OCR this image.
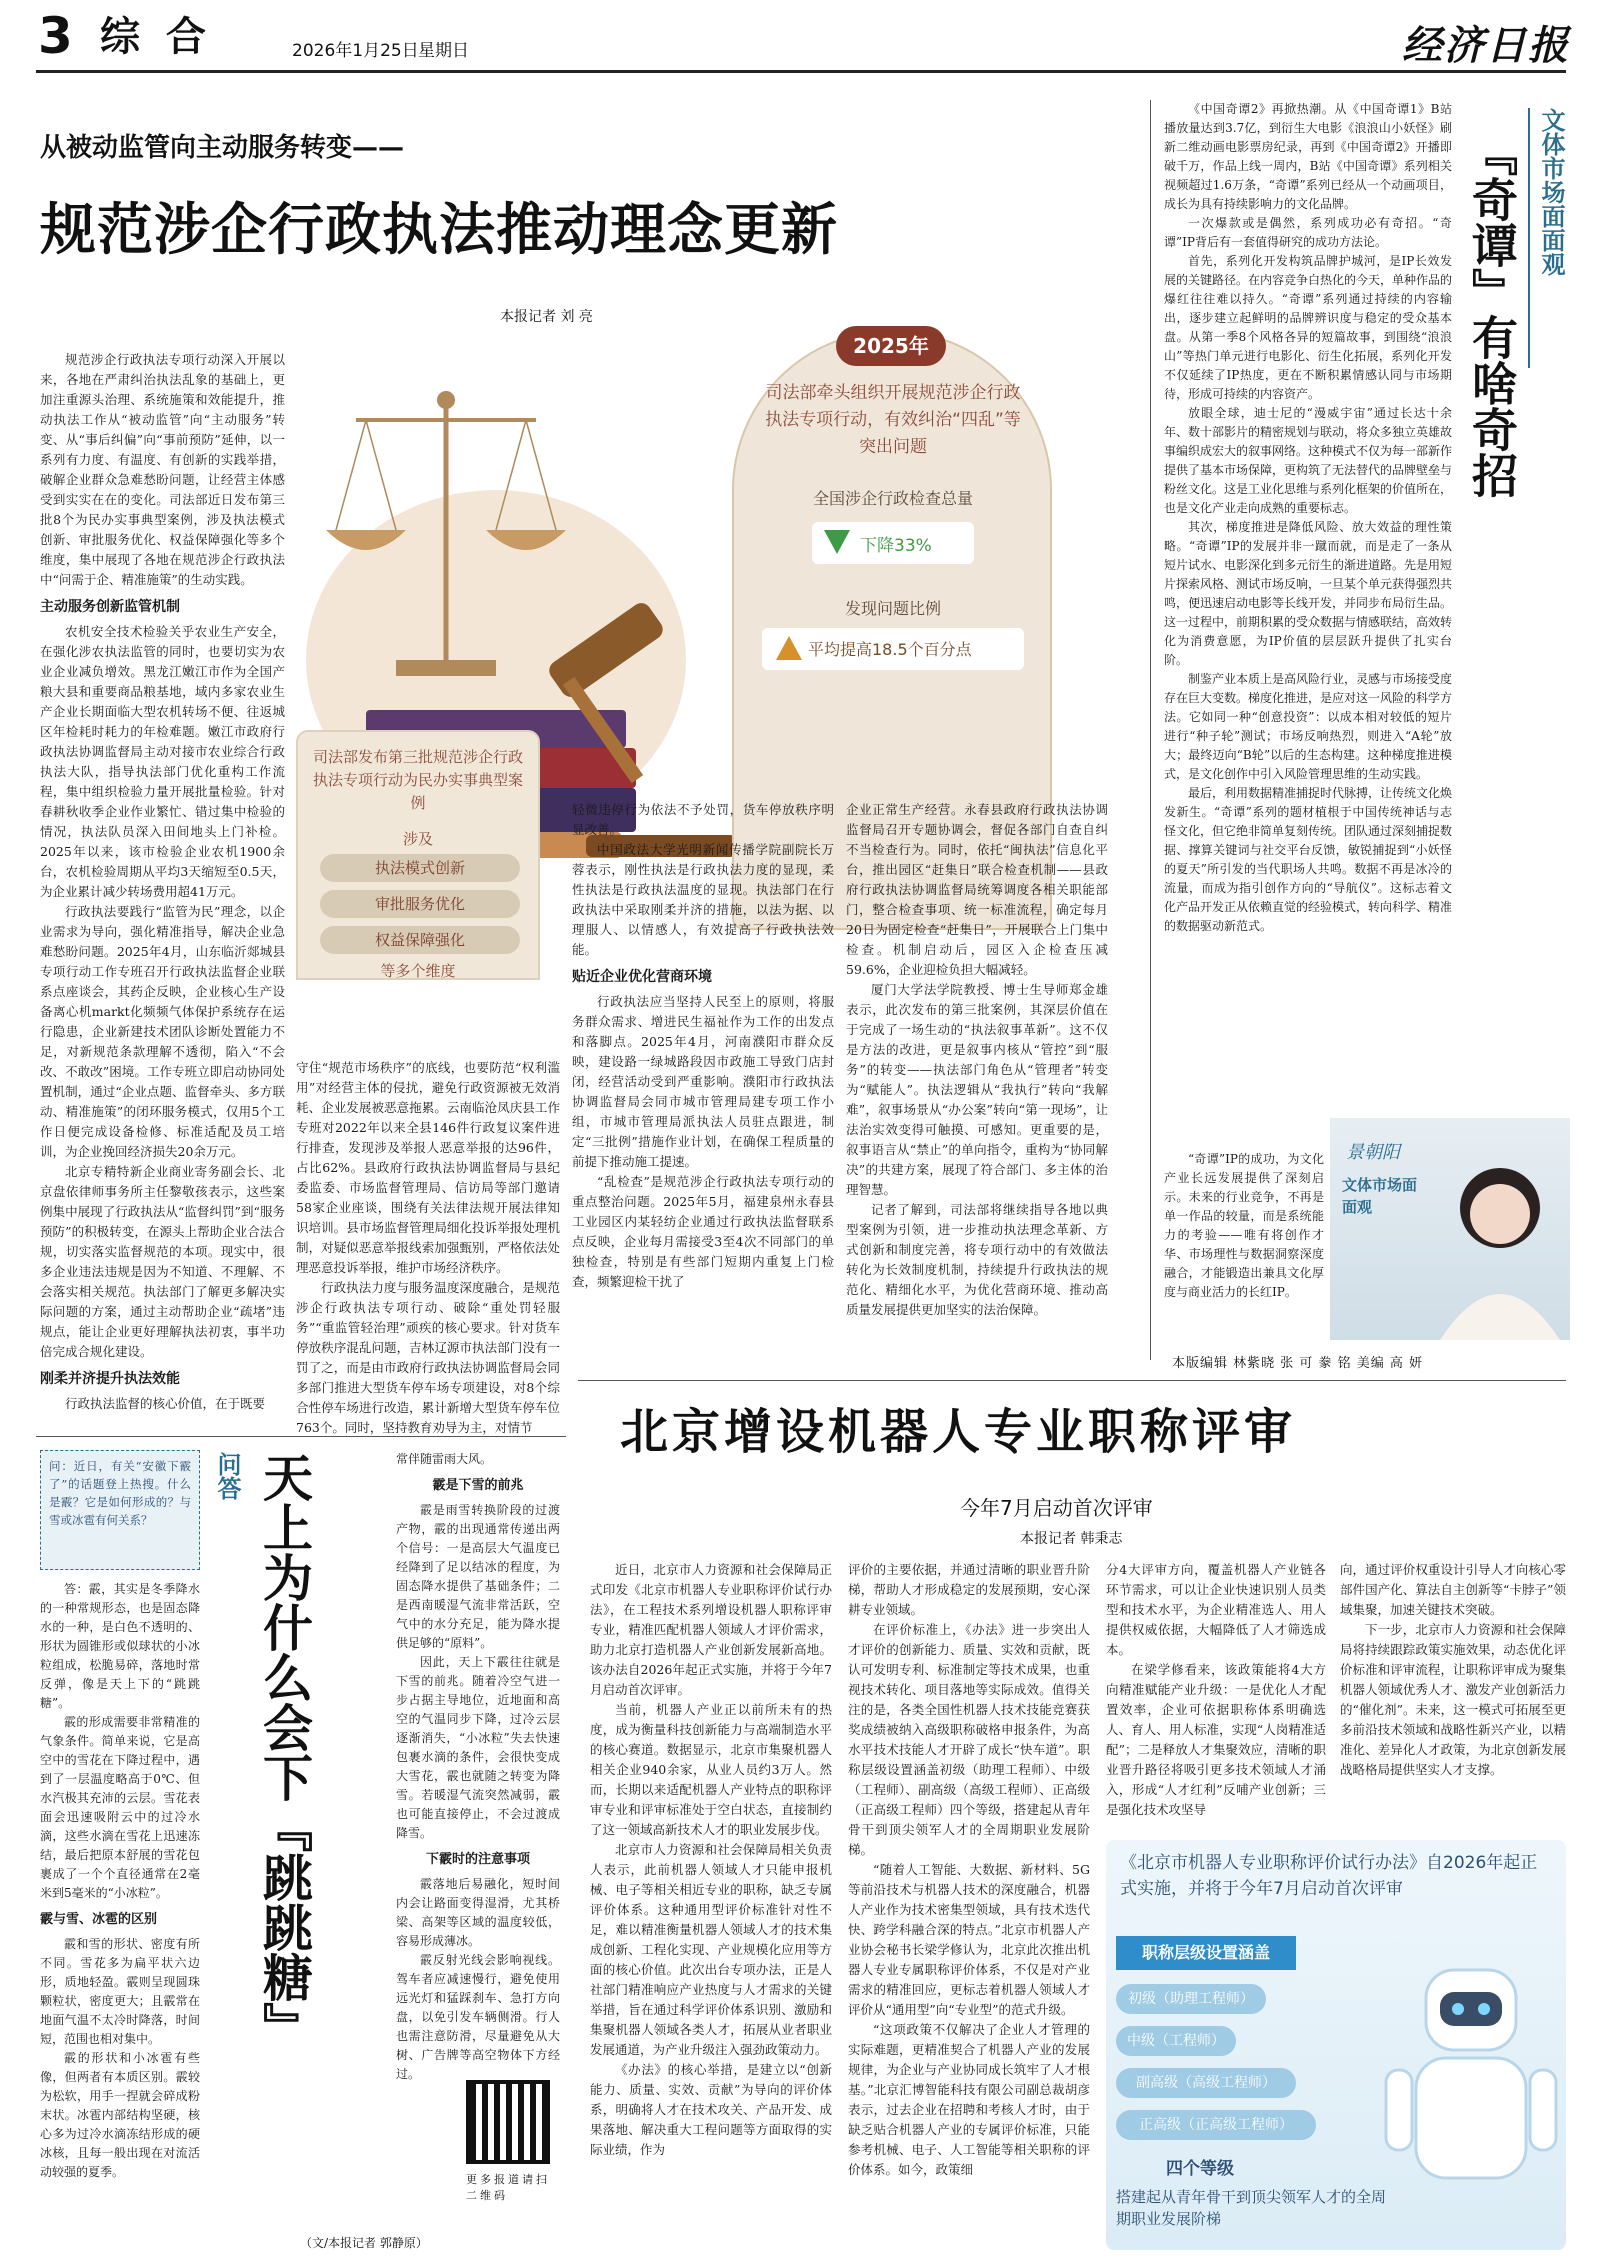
3 综 合	2026年1月25日 星期日	经济日报
从被动监管向主动服务转变——
规范涉企行政执法推动理念更新
本报记者 刘 亮

规范涉企行政执法专项行动深入开展以来，各地在严肃纠治执法乱象的基础上，更加注重源头治理、系统施策和效能提升，推动执法工作从“被动监管”向“主动服务”转变、从“事后纠偏”向“事前预防”延伸，以一系列有力度、有温度、有创新的实践举措，破解企业群众急难愁盼问题，让经营主体感受到实实在在的变化。司法部近日发布第三批8个为民办实事典型案例，涉及执法模式创新、审批服务优化、权益保障强化等多个维度，集中展现了各地在规范涉企行政执法中“问需于企、精准施策”的生动实践。

主动服务创新监管机制

农机安全技术检验关乎农业生产安全，在强化涉农执法监管的同时，也要切实为农业企业减负增效。黑龙江嫩江市作为全国产粮大县和重要商品粮基地，域内多家农业生产企业长期面临大型农机转场不便、往返城区年检耗时耗力的年检难题。嫩江市政府行政执法协调监督局主动对接市农业综合行政执法大队，指导执法部门优化重构工作流程，集中组织检验力量开展批量检验。针对春耕秋收季企业作业繁忙、错过集中检验的情况，执法队员深入田间地头上门补检。2025年以来，该市检验企业农机1900余台，农机检验周期从平均3天缩短至0.5天，为企业累计减少转场费用超41万元。

行政执法要践行“监管为民”理念，以企业需求为导向，强化精准指导，解决企业急难愁盼问题。2025年4月，山东临沂郯城县专项行动工作专班召开行政执法监督企业联系点座谈会，其药企反映，企业核心生产设备离心机markt化频频气体保护系统存在运行隐患，企业新建技术团队诊断处置能力不足，对新规范条款理解不透彻，陷入“不会改、不敢改”困境。工作专班立即启动协同处置机制，通过“企业点题、监督牵头、多方联动、精准施策”的闭环服务模式，仅用5个工作日便完成设备检修、标准适配及员工培训，为企业挽回经济损失20余万元。

北京专精特新企业商业寄务副会长、北京盘依律师事务所主任黎敬孩表示，这些案例集中展现了行政执法从“监督纠罚”到“服务预防”的积极转变，在源头上帮助企业合法合规，切实落实监督规范的本项。现实中，很多企业违法违规是因为不知道、不理解、不会落实相关规范。执法部门了解更多解决实际问题的方案，通过主动帮助企业“疏堵”违规点，能让企业更好理解执法初衷，事半功倍完成合规化建设。

刚柔并济提升执法效能

行政执法监督的核心价值，在于既要

2025年
司法部牵头组织开展规范涉企行政执法专项行动，有效纠治“四乱”等突出问题
全国涉企行政检查总量
下降33%
发现问题比例
平均提高18.5个百分点
司法部发布第三批规范涉企行政执法专项行动为民办实事典型案例
涉及
执法模式创新
审批服务优化
权益保障强化
等多个维度

守住“规范市场秩序”的底线，也要防范“权利滥用”对经营主体的侵扰，避免行政资源被无效消耗、企业发展被恶意拖累。云南临沧凤庆县工作专班对2022年以来全县146件行政复议案件进行排查，发现涉及举报人恶意举报的达96件，占比62%。县政府行政执法协调监督局与县纪委监委、市场监督管理局、信访局等部门邀请58家企业座谈，围绕有关法律法规开展法律知识培训。县市场监督管理局细化投诉举报处理机制，对疑似恶意举报线索加强甄别，严格依法处理恶意投诉举报，维护市场经济秩序。

行政执法力度与服务温度深度融合，是规范涉企行政执法专项行动、破除“重处罚轻服务”“重监管轻治理”顽疾的核心要求。针对货车停放秩序混乱问题，吉林辽源市执法部门没有一罚了之，而是由市政府行政执法协调监督局会同多部门推进大型货车停车场专项建设，对8个综合性停车场进行改造，累计新增大型货车停车位763个。同时，坚持教育劝导为主，对情节

轻微违停行为依法不予处罚，货车停放秩序明显改善。

中国政法大学光明新闻传播学院副院长万蓉表示，刚性执法是行政执法力度的显现，柔性执法是行政执法温度的显现。执法部门在行政执法中采取刚柔并济的措施，以法为据、以理服人、以情感人，有效提高了行政执法效能。

贴近企业优化营商环境

行政执法应当坚持人民至上的原则，将服务群众需求、增进民生福祉作为工作的出发点和落脚点。2025年4月，河南濮阳市群众反映，建设路一绿城路段因市政施工导致门店封闭，经营活动受到严重影响。濮阳市行政执法协调监督局会同市城市管理局建专项工作小组，市城市管理局派执法人员驻点跟进，制定“三批例”措施作业计划，在确保工程质量的前提下推动施工提速。

“乱检查”是规范涉企行政执法专项行动的重点整治问题。2025年5月，福建泉州永春县工业园区内某轻纺企业通过行政执法监督联系点反映，企业每月需接受3至4次不同部门的单独检查，特别是有些部门短期内重复上门检查，频繁迎检干扰了

企业正常生产经营。永春县政府行政执法协调监督局召开专题协调会，督促各部门自查自纠不当检查行为。同时，依托“闽执法”信息化平台，推出园区“赶集日”联合检查机制——县政府行政执法协调监督局统筹调度各相关职能部门，整合检查事项、统一标准流程，确定每月20日为固定检查“赶集日”，开展联合上门集中检查。机制启动后，园区入企检查压减59.6%，企业迎检负担大幅减轻。

厦门大学法学院教授、博士生导师郑金雄表示，此次发布的第三批案例，其深层价值在于完成了一场生动的“执法叙事革新”。这不仅是方法的改进，更是叙事内核从“管控”到“服务”的转变——执法部门角色从“管理者”转变为“赋能人”。执法逻辑从“我执行”转向“我解难”，叙事场景从“办公案”转向“第一现场”，让法治实效变得可触摸、可感知。更重要的是，叙事语言从“禁止”的单向指令，重构为“协同解决”的共建方案，展现了符合部门、多主体的治理智慧。

记者了解到，司法部将继续指导各地以典型案例为引领，进一步推动执法理念革新、方式创新和制度完善，将专项行动中的有效做法转化为长效制度机制，持续提升行政执法的规范化、精细化水平，为优化营商环境、推动高质量发展提供更加坚实的法治保障。

《中国奇谭2》再掀热潮。从《中国奇谭1》B站播放量达到3.7亿，到衍生大电影《浪浪山小妖怪》刷新二维动画电影票房纪录，再到《中国奇谭2》开播即破千万，作品上线一周内，B站《中国奇谭》系列相关视频超过1.6万条，“奇谭”系列已经从一个动画项目，成长为具有持续影响力的文化品牌。

一次爆款或是偶然，系列成功必有奇招。“奇谭”IP背后有一套值得研究的成功方法论。

首先，系列化开发构筑品牌护城河，是IP长效发展的关键路径。在内容竞争白热化的今天，单种作品的爆红往往难以持久。“奇谭”系列通过持续的内容输出，逐步建立起鲜明的品牌辨识度与稳定的受众基本盘。从第一季8个风格各异的短篇故事，到围绕“浪浪山”等热门单元进行电影化、衍生化拓展，系列化开发不仅延续了IP热度，更在不断积累情感认同与市场期待，形成可持续的内容资产。

放眼全球，迪士尼的“漫威宇宙”通过长达十余年、数十部影片的精密规划与联动，将众多独立英雄故事编织成宏大的叙事网络。这种模式不仅为每一部新作提供了基本市场保障，更构筑了无法替代的品牌壁垒与粉丝文化。这是工业化思维与系列化框架的价值所在，也是文化产业走向成熟的重要标志。

其次，梯度推进是降低风险、放大效益的理性策略。“奇谭”IP的发展并非一蹴而就，而是走了一条从短片试水、电影深化到多元衍生的渐进道路。先是用短片探索风格、测试市场反响，一旦某个单元获得强烈共鸣，便迅速启动电影等长线开发，并同步布局衍生品。这一过程中，前期积累的受众数据与情感联结，高效转化为消费意愿，为IP价值的层层跃升提供了扎实台阶。

制鉴产业本质上是高风险行业，灵感与市场接受度存在巨大变数。梯度化推进，是应对这一风险的科学方法。它如同一种“创意投资”：以成本相对较低的短片进行“种子轮”测试；市场反响热烈，则进入“A轮”放大；最终迈向“B轮”以后的生态构建。这种梯度推进模式，是文化创作中引入风险管理思维的生动实践。

最后，利用数据精准捕捉时代脉搏，让传统文化焕发新生。“奇谭”系列的题材植根于中国传统神话与志怪文化，但它绝非简单复刻传统。团队通过深刻捕捉数据、撑算关键词与社交平台反馈，敏锐捕捉到“小妖怪的夏天”所引发的当代职场人共鸣。数据不再是冰冷的流量，而成为指引创作方向的“导航仪”。这标志着文化产品开发正从依赖直觉的经验模式，转向科学、精准的数据驱动新范式。

“奇谭”IP的成功，为文化产业长远发展提供了深刻启示。未来的行业竞争，不再是单一作品的较量，而是系统能力的考验——唯有将创作才华、市场理性与数据洞察深度融合，才能锻造出兼具文化厚度与商业活力的长红IP。

景朝阳
文体市场面面观
文体市场面面观
『奇
谭』
有啥奇招
本版编辑 林紫晓 张 可 豢 铭 美编 高 妍
北京增设机器人专业职称评审
今年7月启动首次评审
本报记者 韩秉志

近日，北京市人力资源和社会保障局正式印发《北京市机器人专业职称评价试行办法》，在工程技术系列增设机器人职称评审专业，精准匹配机器人领域人才评价需求，助力北京打造机器人产业创新发展新高地。该办法自2026年起正式实施，并将于今年7月启动首次评审。

当前，机器人产业正以前所未有的热度，成为衡量科技创新能力与高端制造水平的核心赛道。数据显示，北京市集聚机器人相关企业940余家，从业人员约3万人。然而，长期以来适配机器人产业特点的职称评审专业和评审标准处于空白状态，直接制约了这一领域高新技术人才的职业发展步伐。

北京市人力资源和社会保障局相关负责人表示，此前机器人领域人才只能申报机械、电子等相关相近专业的职称，缺乏专属评价体系。这种通用型评价标准针对性不足，难以精准衡量机器人领域人才的技术集成创新、工程化实现、产业规模化应用等方面的核心价值。此次出台专项办法，正是人社部门精准响应产业热度与人才需求的关键举措，旨在通过科学评价体系识别、激励和集聚机器人领域各类人才，拓展从业者职业发展通道，为产业升级注入强劲政策动力。

《办法》的核心举措，是建立以“创新能力、质量、实效、贡献”为导向的评价体系，明确将人才在技术攻关、产品开发、成果落地、解决重大工程问题等方面取得的实际业绩，作为

评价的主要依据，并通过清晰的职业晋升阶梯，帮助人才形成稳定的发展预期，安心深耕专业领域。

在评价标准上，《办法》进一步突出人才评价的创新能力、质量、实效和贡献，既认可发明专利、标准制定等技术成果，也重视技术转化、项目落地等实际成效。值得关注的是，各类全国性机器人技术技能竞赛获奖成绩被纳入高级职称破格申报条件，为高水平技术技能人才开辟了成长“快车道”。职称层级设置涵盖初级（助理工程师）、中级（工程师）、副高级（高级工程师）、正高级（正高级工程师）四个等级，搭建起从青年骨干到顶尖领军人才的全周期职业发展阶梯。

“随着人工智能、大数据、新材料、5G等前沿技术与机器人技术的深度融合，机器人产业作为技术密集型领域，具有技术迭代快、跨学科融合深的特点。”北京市机器人产业协会秘书长梁学修认为，北京此次推出机器人专业专属职称评价体系，不仅是对产业需求的精准回应，更标志着机器人领域人才评价从“通用型”向“专业型”的范式升级。

“这项政策不仅解决了企业人才管理的实际难题，更精准契合了机器人产业的发展规律，为企业与产业协同成长筑牢了人才根基。”北京汇博智能科技有限公司副总裁胡彦表示，过去企业在招聘和考核人才时，由于缺乏贴合机器人产业的专属评价标准，只能参考机械、电子、人工智能等相关职称的评价体系。如今，政策细

分4大评审方向，覆盖机器人产业链各环节需求，可以让企业快速识别人员类型和技术水平，为企业精准选人、用人提供权威依据，大幅降低了人才筛选成本。

在梁学修看来，该政策能将4大方向精准赋能产业升级：一是优化人才配置效率，企业可依据职称体系明确选人、育人、用人标准，实现“人岗精准适配”；二是释放人才集聚效应，清晰的职业晋升路径将吸引更多技术领域人才涌入，形成“人才红利”反哺产业创新；三是强化技术攻坚导

向，通过评价权重设计引导人才向核心零部件国产化、算法自主创新等“卡脖子”领域集聚，加速关键技术突破。

下一步，北京市人力资源和社会保障局将持续跟踪政策实施效果，动态优化评价标准和评审流程，让职称评审成为聚集机器人领域优秀人才、激发产业创新活力的“催化剂”。未来，这一模式可拓展至更多前沿技术领域和战略性新兴产业，以精准化、差异化人才政策，为北京创新发展战略格局提供坚实人才支撑。

《北京市机器人专业职称评价试行办法》自2026年起正式实施，并将于今年7月启动首次评审
职称层级设置涵盖
初级（助理工程师）
中级（工程师）
副高级（高级工程师）
正高级（正高级工程师）
四个等级
搭建起从青年骨干到顶尖领军人才的全周期职业发展阶梯
问：近日，有关“安徽下霰了”的话题登上热搜。什么是霰？它是如何形成的？与雪或冰雹有何关系？
问答 天上为什么会下『跳跳糖』

答：霰，其实是冬季降水的一种常规形态，也是固态降水的一种，是白色不透明的、形状为圆锥形或似球状的小冰粒组成，松脆易碎，落地时常反弹，像是天上下的“跳跳糖”。

霰的形成需要非常精准的气象条件。简单来说，它是高空中的雪花在下降过程中，遇到了一层温度略高于0℃、但水汽极其充沛的云层。雪花表面会迅速吸附云中的过冷水滴，这些水滴在雪花上迅速冻结，最后把原本舒展的雪花包裹成了一个个直径通常在2毫米到5毫米的“小冰粒”。

霰与雪、冰雹的区别

霰和雪的形状、密度有所不同。雪花多为扁平状六边形，质地轻盈。霰则呈现圆珠颗粒状，密度更大；且霰常在地面气温不太冷时降落，时间短，范围也相对集中。

霰的形状和小冰雹有些像，但两者有本质区别。霰较为松软，用手一捏就会碎成粉末状。冰雹内部结构坚硬，核心多为过冷水滴冻结形成的硬冰核，且每一般出现在对流活动较强的夏季。

常伴随雷雨大风。

霰是下雪的前兆

霰是雨雪转换阶段的过渡产物，霰的出现通常传递出两个信号：一是高层大气温度已经降到了足以结冰的程度，为固态降水提供了基础条件；二是西南暖湿气流非常活跃，空气中的水分充足，能为降水提供足够的“原料”。

因此，天上下霰往往就是下雪的前兆。随着冷空气进一步占据主导地位，近地面和高空的气温同步下降，过冷云层逐渐消失，“小冰粒”失去快速包裹水滴的条件，会很快变成大雪花，霰也就随之转变为降雪。若暖湿气流突然减弱，霰也可能直接停止，不会过渡成降雪。

下霰时的注意事项

霰落地后易融化，短时间内会让路面变得湿滑，尤其桥梁、高架等区域的温度较低，容易形成薄冰。

霰反射光线会影响视线。驾车者应减速慢行，避免使用远光灯和猛踩刹车、急打方向盘，以免引发车辆侧滑。行人也需注意防滑，尽量避免从大树、广告牌等高空物体下方经过。

（文/本报记者 郭静原）
更多报道请扫二维码
